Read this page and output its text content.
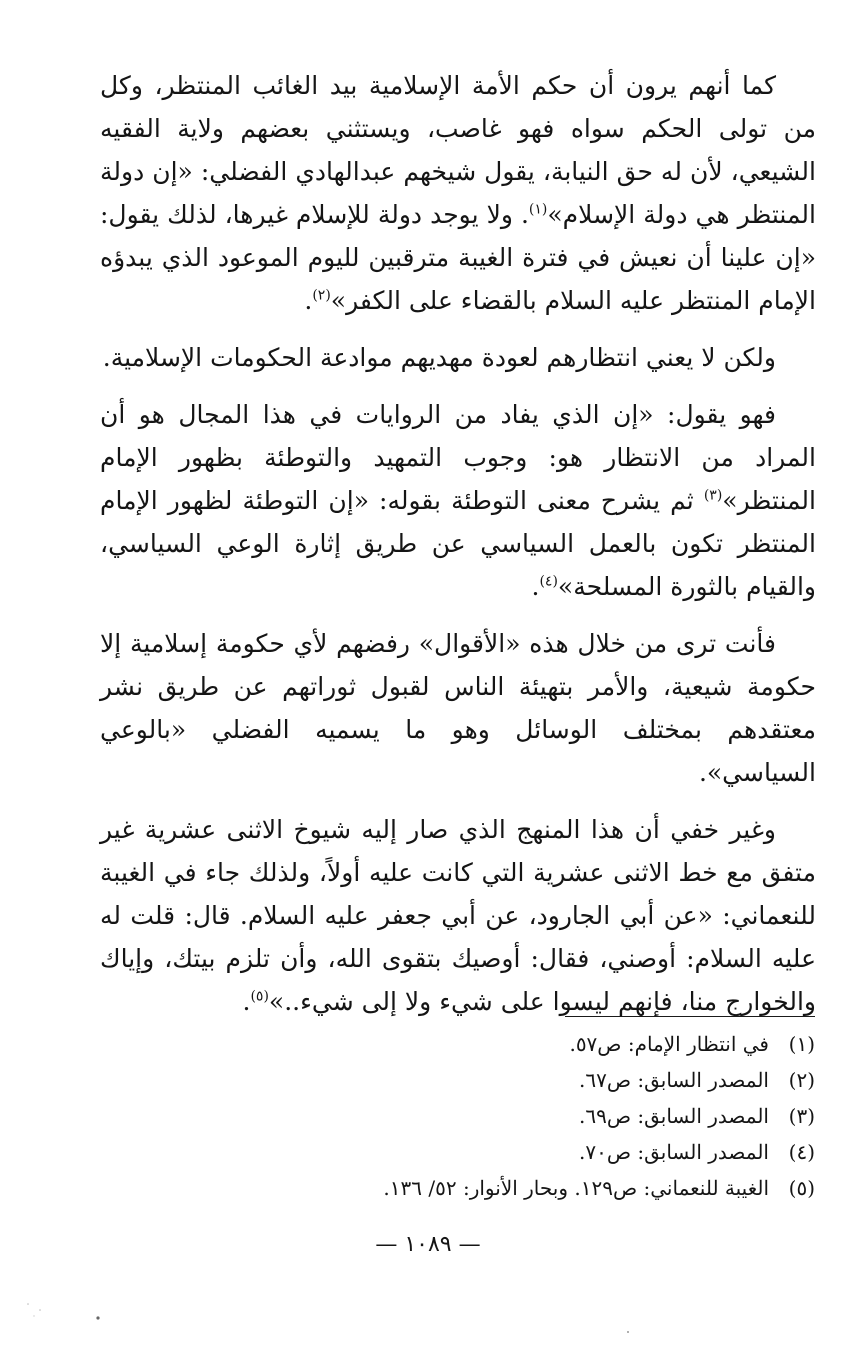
كما أنهم يرون أن حكم الأمة الإسلامية بيد الغائب المنتظر، وكل من تولى الحكم سواه فهو غاصب، ويستثني بعضهم ولاية الفقيه الشيعي، لأن له حق النيابة، يقول شيخهم عبدالهادي الفضلي: «إن دولة المنتظر هي دولة الإسلام»$^{(١)}$. ولا يوجد دولة للإسلام غيرها، لذلك يقول: «إن علينا أن نعيش في فترة الغيبة مترقبين لليوم الموعود الذي يبدؤه الإمام المنتظر عليه السلام بالقضاء على الكفر»$^{(٢)}$.

ولكن لا يعني انتظارهم لعودة مهديهم موادعة الحكومات الإسلامية.

فهو يقول: «إن الذي يفاد من الروايات في هذا المجال هو أن المراد من الانتظار هو: وجوب التمهيد والتوطئة بظهور الإمام المنتظر»$^{(٣)}$ ثم يشرح معنى التوطئة بقوله: «إن التوطئة لظهور الإمام المنتظر تكون بالعمل السياسي عن طريق إثارة الوعي السياسي، والقيام بالثورة المسلحة»$^{(٤)}$.

فأنت ترى من خلال هذه «الأقوال» رفضهم لأي حكومة إسلامية إلا حكومة شيعية، والأمر بتهيئة الناس لقبول ثوراتهم عن طريق نشر معتقدهم بمختلف الوسائل وهو ما يسميه الفضلي «بالوعي السياسي».

وغير خفي أن هذا المنهج الذي صار إليه شيوخ الاثنى عشرية غير متفق مع خط الاثنى عشرية التي كانت عليه أولاً، ولذلك جاء في الغيبة للنعماني: «عن أبي الجارود، عن أبي جعفر عليه السلام. قال: قلت له عليه السلام: أوصني، فقال: أوصيك بتقوى الله، وأن تلزم بيتك، وإياك والخوارج منا، فإنهم ليسوا على شيء ولا إلى شيء..»$^{(٥)}$.

(١)
في انتظار الإمام: ص٥٧.
(٢)
المصدر السابق: ص٦٧.
(٣)
المصدر السابق: ص٦٩.
(٤)
المصدر السابق: ص٧٠.
(٥)
الغيبة للنعماني: ص١٢٩. وبحار الأنوار: ٥٢/ ١٣٦.
— ١٠٨٩ —
